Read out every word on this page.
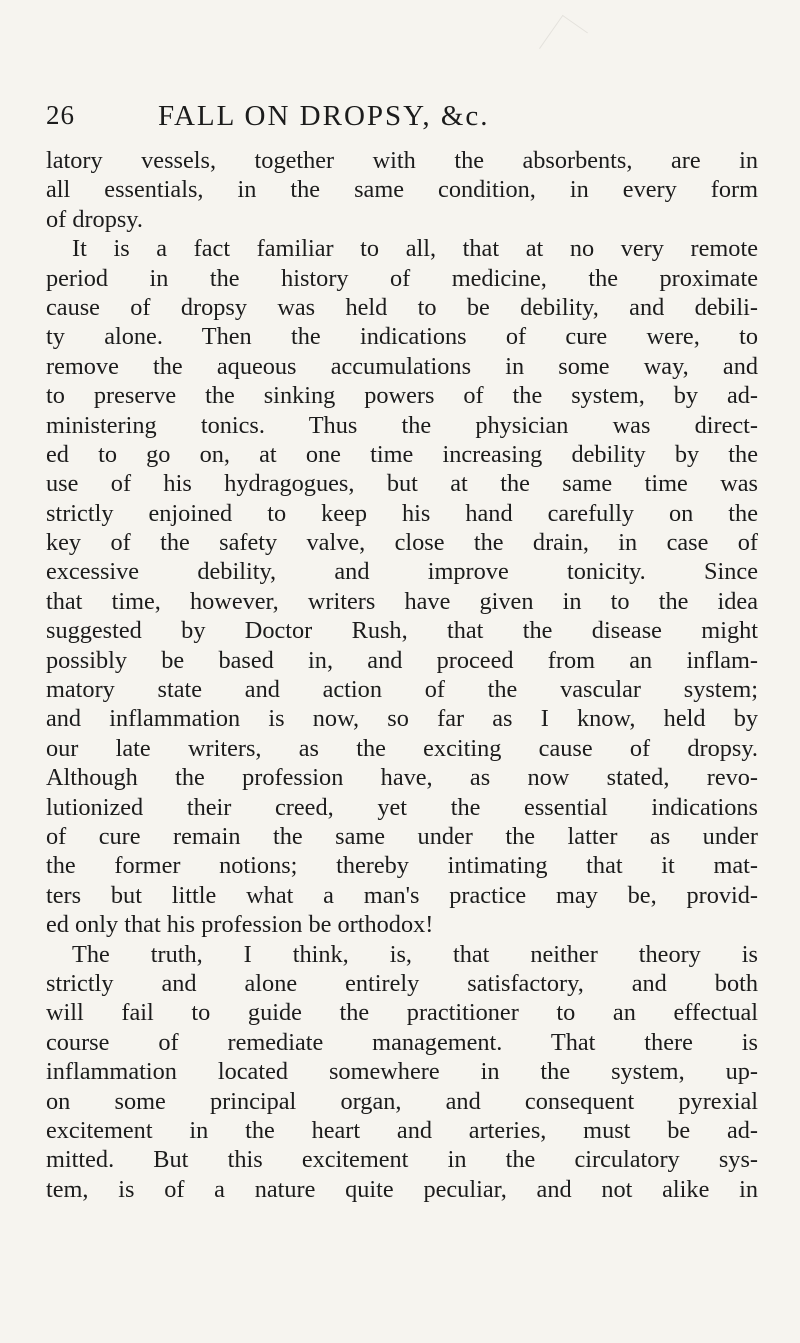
26	FALL ON DROPSY, &c.
latory vessels, together with the absorbents, are in
all essentials, in the same condition, in every form
of dropsy.
It is a fact familiar to all, that at no very remote
period in the history of medicine, the proximate
cause of dropsy was held to be debility, and debili-
ty alone. Then the indications of cure were, to
remove the aqueous accumulations in some way, and
to preserve the sinking powers of the system, by ad-
ministering tonics. Thus the physician was direct-
ed to go on, at one time increasing debility by the
use of his hydragogues, but at the same time was
strictly enjoined to keep his hand carefully on the
key of the safety valve, close the drain, in case of
excessive debility, and improve tonicity. Since
that time, however, writers have given in to the idea
suggested by Doctor Rush, that the disease might
possibly be based in, and proceed from an inflam-
matory state and action of the vascular system;
and inflammation is now, so far as I know, held by
our late writers, as the exciting cause of dropsy.
Although the profession have, as now stated, revo-
lutionized their creed, yet the essential indications
of cure remain the same under the latter as under
the former notions; thereby intimating that it mat-
ters but little what a man's practice may be, provid-
ed only that his profession be orthodox!
The truth, I think, is, that neither theory is
strictly and alone entirely satisfactory, and both
will fail to guide the practitioner to an effectual
course of remediate management. That there is
inflammation located somewhere in the system, up-
on some principal organ, and consequent pyrexial
excitement in the heart and arteries, must be ad-
mitted. But this excitement in the circulatory sys-
tem, is of a nature quite peculiar, and not alike in
